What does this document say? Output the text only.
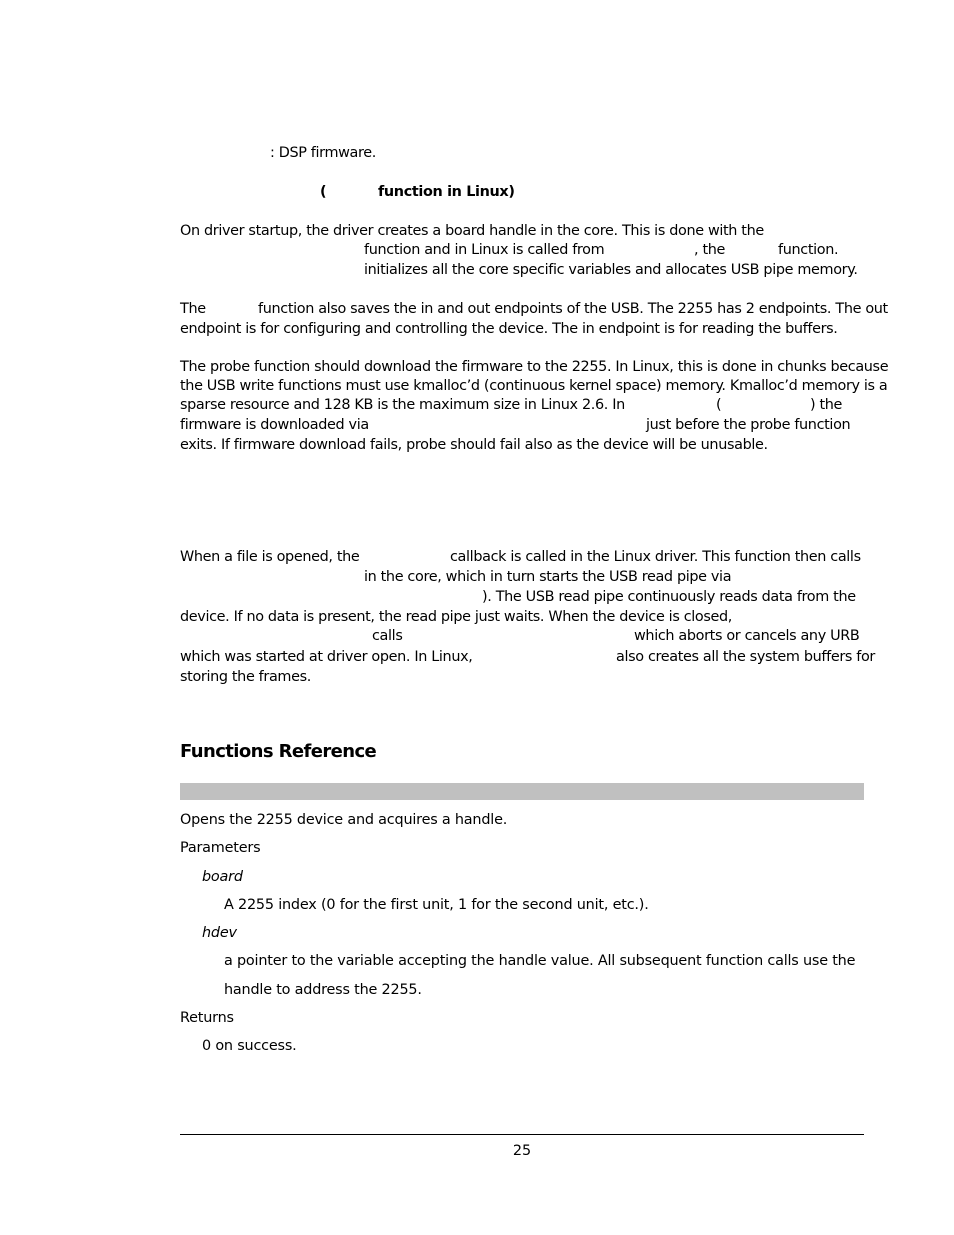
: DSP firmware.
(	function in Linux)
On driver startup, the driver creates a board handle in the core. This is done with the
function and in Linux is called from	, the	function.
initializes all the core specific variables and allocates USB pipe memory.
The	function also saves the in and out endpoints of the USB. The 2255 has 2 endpoints. The out
endpoint is for configuring and controlling the device. The in endpoint is for reading the buffers.
The probe function should download the firmware to the 2255. In Linux, this is done in chunks because
the USB write functions must use kmalloc’d (continuous kernel space) memory. Kmalloc’d memory is a
sparse resource and 128 KB is the maximum size in Linux 2.6. In	(	) the
firmware is downloaded via	just before the probe function
exits. If firmware download fails, probe should fail also as the device will be unusable.
When a file is opened, the	callback is called in the Linux driver. This function then calls
in the core, which in turn starts the USB read pipe via
). The USB read pipe continuously reads data from the
device. If no data is present, the read pipe just waits. When the device is closed,
calls	which aborts or cancels any URB
which was started at driver open. In Linux,	also creates all the system buffers for
storing the frames.
Functions Reference
Opens the 2255 device and acquires a handle.
Parameters
board
A 2255 index (0 for the first unit, 1 for the second unit, etc.).
hdev
a pointer to the variable accepting the handle value. All subsequent function calls use the
handle to address the 2255.
Returns
0 on success.
25
